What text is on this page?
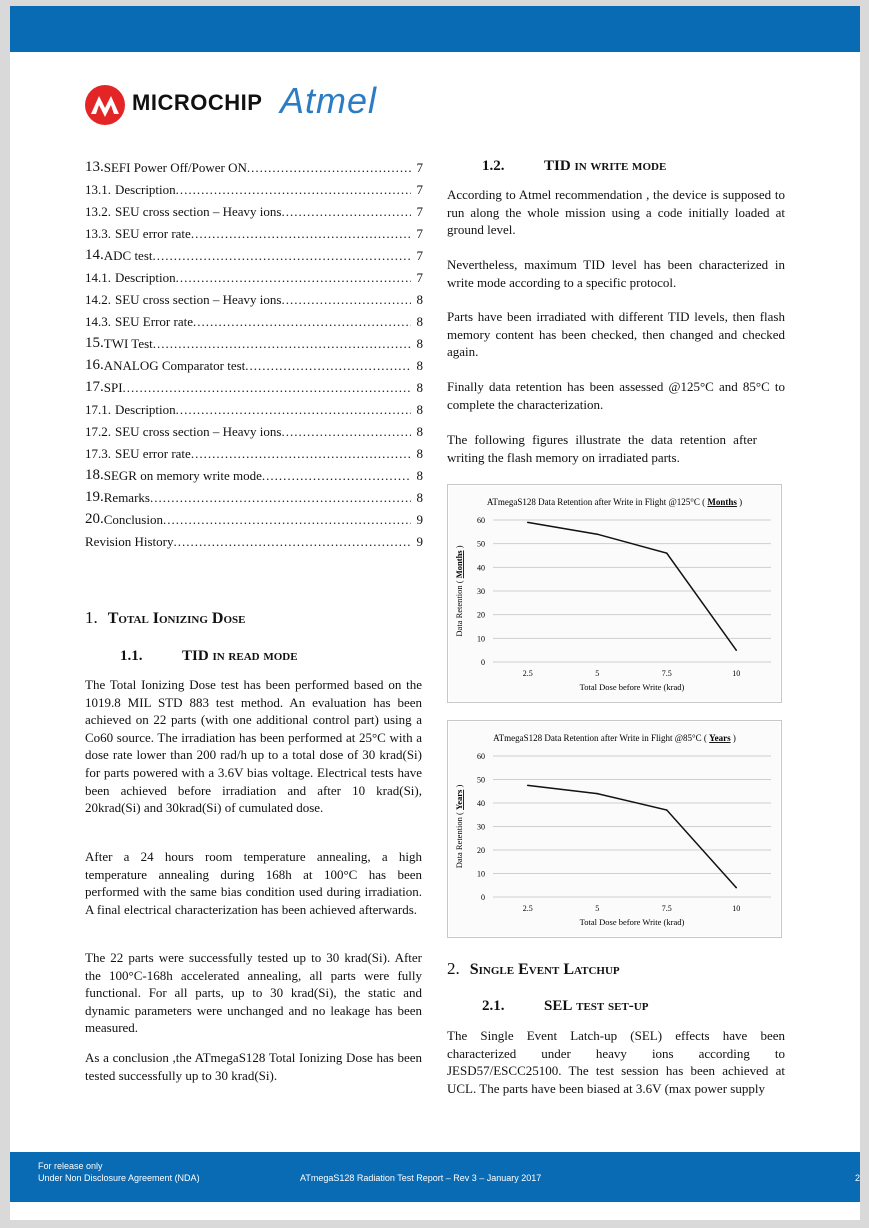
MICROCHIP Atmel
13. SEFI Power Off/Power ON .....	7
13.1. Description .....	7
13.2. SEU cross section – Heavy ions .....	7
13.3. SEU error rate .....	7
14. ADC test .....	7
14.1. Description .....	7
14.2. SEU cross section – Heavy ions .....	8
14.3. SEU Error rate .....	8
15. TWI Test .....	8
16. ANALOG Comparator test .....	8
17. SPI .....	8
17.1. Description .....	8
17.2. SEU cross section – Heavy ions .....	8
17.3. SEU error rate .....	8
18. SEGR on memory write mode .....	8
19. Remarks .....	8
20. Conclusion .....	9
Revision History .....	9
1. Total Ionizing Dose
1.1.	TID in read mode

The Total Ionizing Dose test has been performed based on the 1019.8 MIL STD 883 test method. An evaluation has been achieved on 22 parts (with one additional control part) using a Co60 source. The irradiation has been performed at 25°C with a dose rate lower than 200 rad/h up to a total dose of 30 krad(Si) for parts powered with a 3.6V bias voltage. Electrical tests have been achieved before irradiation and after 10 krad(Si), 20krad(Si) and 30krad(Si) of cumulated dose.

After a 24 hours room temperature annealing, a high temperature annealing during 168h at 100°C has been performed with the same bias condition used during irradiation. A final electrical characterization has been achieved afterwards.

The 22 parts were successfully tested up to 30 krad(Si). After the 100°C-168h accelerated annealing, all parts were fully functional. For all parts, up to 30 krad(Si), the static and dynamic parameters were unchanged and no leakage has been measured.

As a conclusion ,the ATmegaS128 Total Ionizing Dose has been tested successfully up to 30 krad(Si).

1.2.	TID in write mode

According to Atmel recommendation , the device is supposed to run along the whole mission using a code initially loaded at ground level.

Nevertheless, maximum TID level has been characterized in write mode according to a specific protocol.

Parts have been irradiated with different TID levels, then flash memory content has been checked, then changed and checked again.

Finally data retention has been assessed @125°C and 85°C to complete the characterization.

The following figures illustrate the data retention after writing the flash memory on irradiated parts.

ATmegaS128 Data Retention after Write in Flight @125°C ( Months )
0
10
20
30
40
50
60
2.5	5	7.5	10
Total Dose before Write (krad)
Data Retention ( Months )
ATmegaS128 Data Retention after Write in Flight @85°C ( Years )
0
10
20
30
40
50
60
2.5	5	7.5	10
Total Dose before Write (krad)
Data Retention ( Years )
2. Single Event Latchup
2.1.	SEL test set-up

The Single Event Latch-up (SEL) effects have been characterized under heavy ions according to JESD57/ESCC25100. The test session has been achieved at UCL. The parts have been biased at 3.6V (max power supply

For release only
Under Non Disclosure Agreement (NDA)	ATmegaS128 Radiation Test Report – Rev 3 – January 2017	2
